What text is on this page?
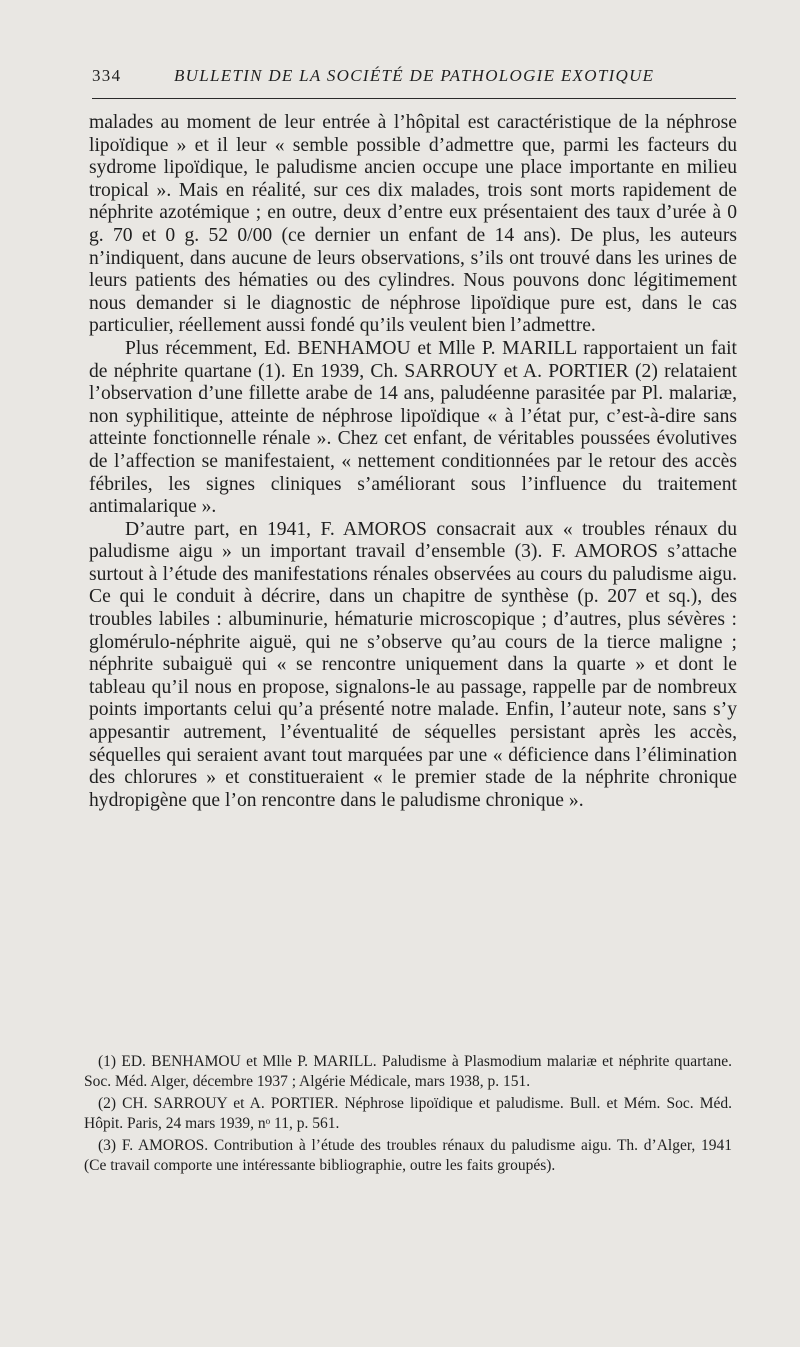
334	BULLETIN DE LA SOCIÉTÉ DE PATHOLOGIE EXOTIQUE

malades au moment de leur entrée à l’hôpital est caractéristique de la néphrose lipoïdique » et il leur « semble possible d’admettre que, parmi les facteurs du sydrome lipoïdique, le paludisme ancien occupe une place importante en milieu tropical ». Mais en réalité, sur ces dix malades, trois sont morts rapidement de néphrite azotémique ; en outre, deux d’entre eux présentaient des taux d’urée à 0 g. 70 et 0 g. 52 0/00 (ce dernier un enfant de 14 ans). De plus, les auteurs n’indiquent, dans aucune de leurs observations, s’ils ont trouvé dans les urines de leurs patients des hématies ou des cylindres. Nous pouvons donc légitimement nous demander si le diagnostic de néphrose lipoïdique pure est, dans le cas particulier, réellement aussi fondé qu’ils veulent bien l’admettre.

Plus récemment, Ed. BENHAMOU et Mlle P. MARILL rapportaient un fait de néphrite quartane (1). En 1939, Ch. SARROUY et A. PORTIER (2) relataient l’observation d’une fillette arabe de 14 ans, paludéenne parasitée par Pl. malariæ, non syphilitique, atteinte de néphrose lipoïdique « à l’état pur, c’est-à-dire sans atteinte fonctionnelle rénale ». Chez cet enfant, de véritables poussées évolutives de l’affection se manifestaient, « nettement conditionnées par le retour des accès fébriles, les signes cliniques s’améliorant sous l’influence du traitement antimalarique ».

D’autre part, en 1941, F. AMOROS consacrait aux « troubles rénaux du paludisme aigu » un important travail d’ensemble (3). F. AMOROS s’attache surtout à l’étude des manifestations rénales observées au cours du paludisme aigu. Ce qui le conduit à décrire, dans un chapitre de synthèse (p. 207 et sq.), des troubles labiles : albuminurie, hématurie microscopique ; d’autres, plus sévères : glomérulo-néphrite aiguë, qui ne s’observe qu’au cours de la tierce maligne ; néphrite subaiguë qui « se rencontre uniquement dans la quarte » et dont le tableau qu’il nous en propose, signalons-le au passage, rappelle par de nombreux points importants celui qu’a présenté notre malade. Enfin, l’auteur note, sans s’y appesantir autrement, l’éventualité de séquelles persistant après les accès, séquelles qui seraient avant tout marquées par une « déficience dans l’élimination des chlorures » et constitueraient « le premier stade de la néphrite chronique hydropigène que l’on rencontre dans le paludisme chronique ».

(1) ED. BENHAMOU et Mlle P. MARILL. Paludisme à Plasmodium malariæ et néphrite quartane. Soc. Méd. Alger, décembre 1937 ; Algérie Médicale, mars 1938, p. 151.

(2) CH. SARROUY et A. PORTIER. Néphrose lipoïdique et paludisme. Bull. et Mém. Soc. Méd. Hôpit. Paris, 24 mars 1939, nᵒ 11, p. 561.

(3) F. AMOROS. Contribution à l’étude des troubles rénaux du paludisme aigu. Th. d’Alger, 1941 (Ce travail comporte une intéressante bibliographie, outre les faits groupés).
